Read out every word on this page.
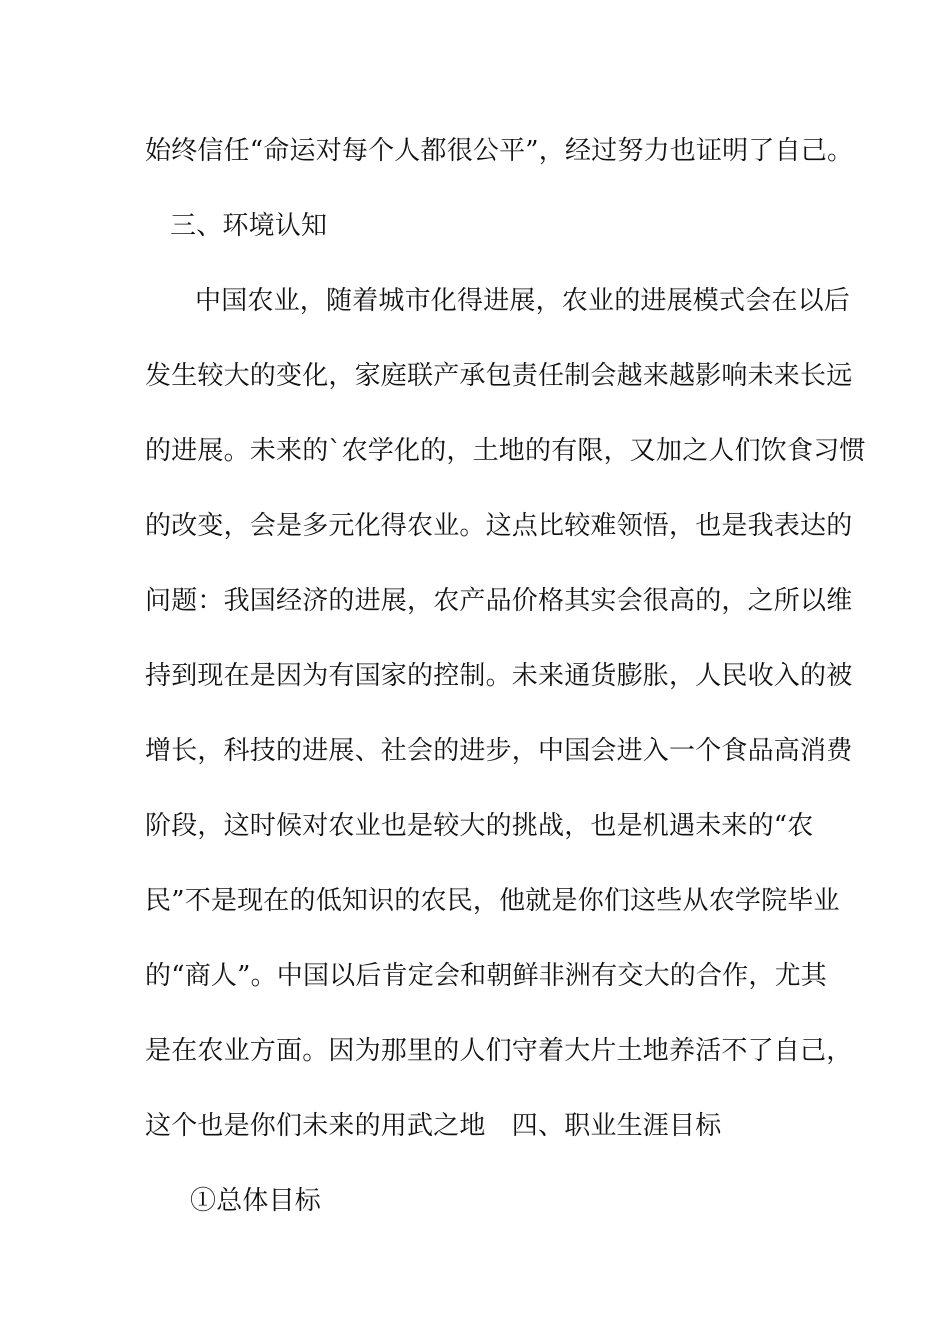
始终信任“命运对每个人都很公平”，经过努力也证明了自己。
三、环境认知
中国农业，随着城市化得进展，农业的进展模式会在以后
发生较大的变化，家庭联产承包责任制会越来越影响未来长远
的进展。未来的`农学化的，土地的有限，又加之人们饮食习惯
的改变，会是多元化得农业。这点比较难领悟，也是我表达的
问题：我国经济的进展，农产品价格其实会很高的，之所以维
持到现在是因为有国家的控制。未来通货膨胀，人民收入的被
增长，科技的进展、社会的进步，中国会进入一个食品高消费
阶段，这时候对农业也是较大的挑战，也是机遇未来的“农
民”不是现在的低知识的农民，他就是你们这些从农学院毕业
的“商人”。中国以后肯定会和朝鲜非洲有交大的合作，尤其
是在农业方面。因为那里的人们守着大片土地养活不了自己，
这个也是你们未来的用武之地　四、职业生涯目标
①总体目标
